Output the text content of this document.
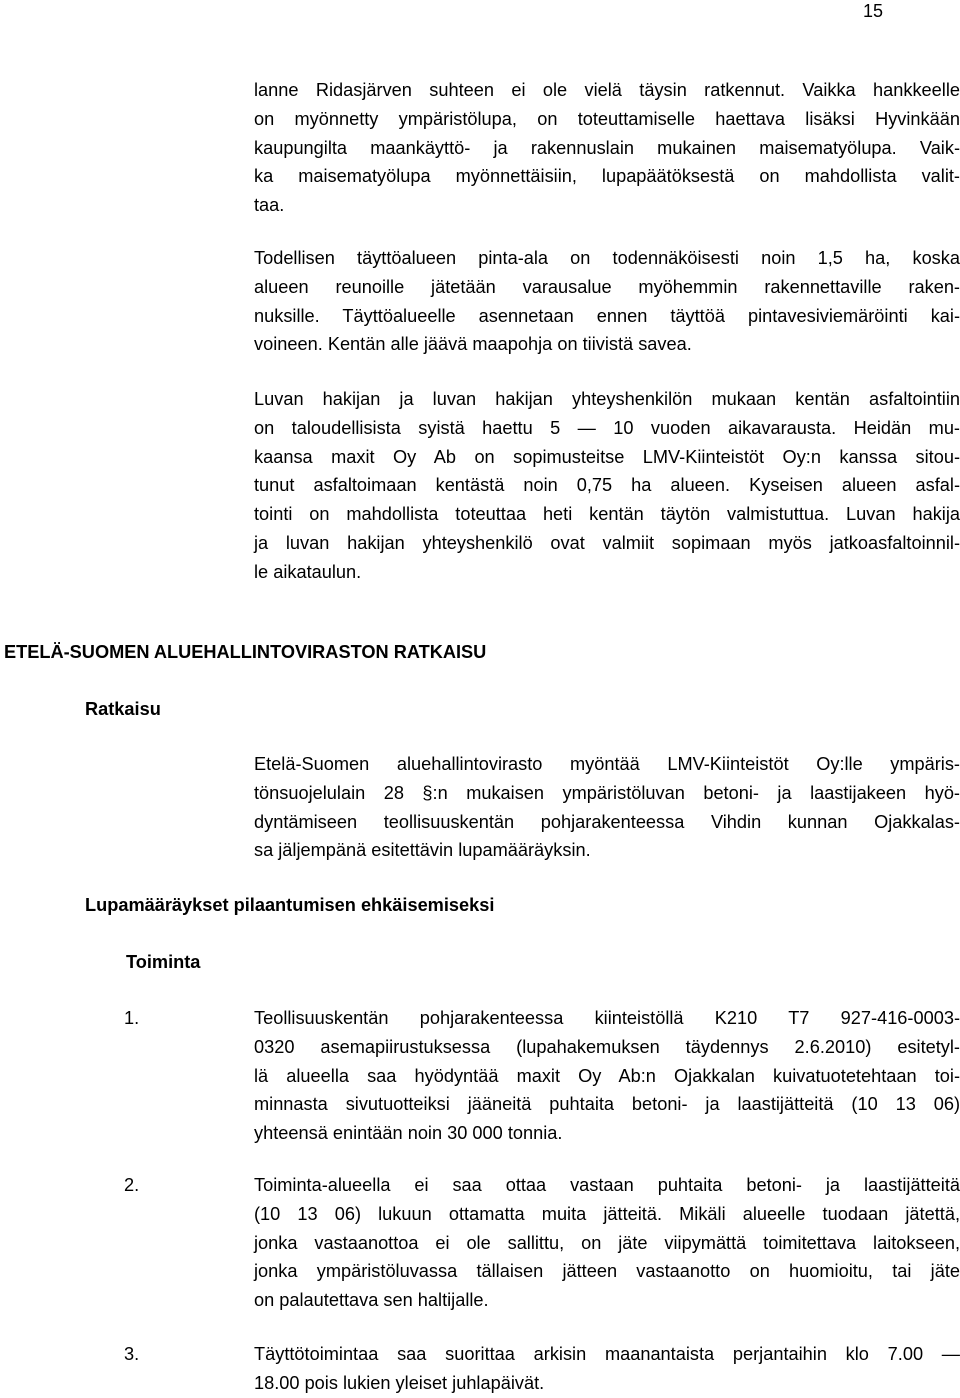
15
lanne Ridasjärven suhteen ei ole vielä täysin ratkennut. Vaikka hankkeelle
on myönnetty ympäristölupa, on toteuttamiselle haettava lisäksi Hyvinkään
kaupungilta maankäyttö- ja rakennuslain mukainen maisematyölupa. Vaik-
ka maisematyölupa myönnettäisiin, lupapäätöksestä on mahdollista valit-
taa.
Todellisen täyttöalueen pinta-ala on todennäköisesti noin 1,5 ha, koska
alueen reunoille jätetään varausalue myöhemmin rakennettaville raken-
nuksille. Täyttöalueelle asennetaan ennen täyttöä pintavesiviemäröinti kai-
voineen. Kentän alle jäävä maapohja on tiivistä savea.
Luvan hakijan ja luvan hakijan yhteyshenkilön mukaan kentän asfaltointiin
on taloudellisista syistä haettu 5 — 10 vuoden aikavarausta. Heidän mu-
kaansa maxit Oy Ab on sopimusteitse LMV-Kiinteistöt Oy:n kanssa sitou-
tunut asfaltoimaan kentästä noin 0,75 ha alueen. Kyseisen alueen asfal-
tointi on mahdollista toteuttaa heti kentän täytön valmistuttua. Luvan hakija
ja luvan hakijan yhteyshenkilö ovat valmiit sopimaan myös jatkoasfaltoinnil-
le aikataulun.
ETELÄ-SUOMEN ALUEHALLINTOVIRASTON RATKAISU
Ratkaisu
Etelä-Suomen aluehallintovirasto myöntää LMV-Kiinteistöt Oy:lle ympäris-
tönsuojelulain 28 §:n mukaisen ympäristöluvan betoni- ja laastijakeen hyö-
dyntämiseen teollisuuskentän pohjarakenteessa Vihdin kunnan Ojakkalas-
sa jäljempänä esitettävin lupamääräyksin.
Lupamääräykset pilaantumisen ehkäisemiseksi
Toiminta
1.	Teollisuuskentän pohjarakenteessa kiinteistöllä K210 T7 927-416-0003-
0320 asemapiirustuksessa (lupahakemuksen täydennys 2.6.2010) esitetyl-
lä alueella saa hyödyntää maxit Oy Ab:n Ojakkalan kuivatuotetehtaan toi-
minnasta sivutuotteiksi jääneitä puhtaita betoni- ja laastijätteitä (10 13 06)
yhteensä enintään noin 30 000 tonnia.
2.	Toiminta-alueella ei saa ottaa vastaan puhtaita betoni- ja laastijätteitä
(10 13 06) lukuun ottamatta muita jätteitä. Mikäli alueelle tuodaan jätettä,
jonka vastaanottoa ei ole sallittu, on jäte viipymättä toimitettava laitokseen,
jonka ympäristöluvassa tällaisen jätteen vastaanotto on huomioitu, tai jäte
on palautettava sen haltijalle.
3.	Täyttötoimintaa saa suorittaa arkisin maanantaista perjantaihin klo 7.00 —
18.00 pois lukien yleiset juhlapäivät.
